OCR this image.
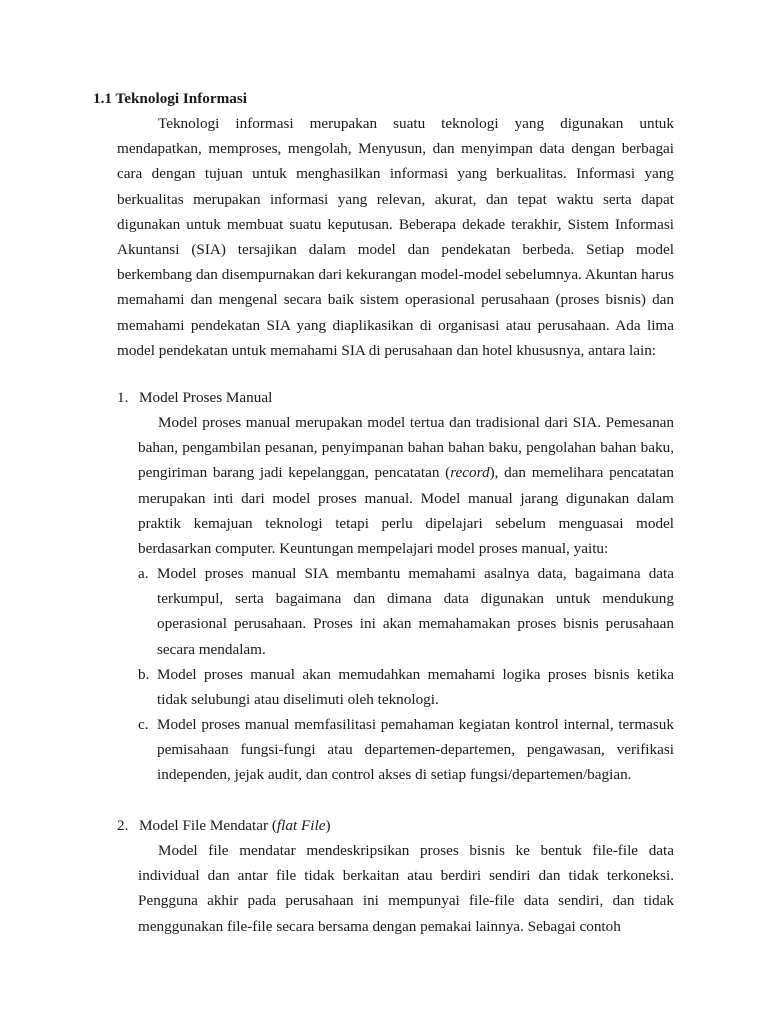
1.1 Teknologi Informasi

Teknologi informasi merupakan suatu teknologi yang digunakan untuk mendapatkan, memproses, mengolah, Menyusun, dan menyimpan data dengan berbagai cara dengan tujuan untuk menghasilkan informasi yang berkualitas. Informasi yang berkualitas merupakan informasi yang relevan, akurat, dan tepat waktu serta dapat digunakan untuk membuat suatu keputusan. Beberapa dekade terakhir, Sistem Informasi Akuntansi (SIA) tersajikan dalam model dan pendekatan berbeda. Setiap model berkembang dan disempurnakan dari kekurangan model-model sebelumnya. Akuntan harus memahami dan mengenal secara baik sistem operasional perusahaan (proses bisnis) dan memahami pendekatan SIA yang diaplikasikan di organisasi atau perusahaan. Ada lima model pendekatan untuk memahami SIA di perusahaan dan hotel khususnya, antara lain:

1. Model Proses Manual

Model proses manual merupakan model tertua dan tradisional dari SIA. Pemesanan bahan, pengambilan pesanan, penyimpanan bahan bahan baku, pengolahan bahan baku, pengiriman barang jadi kepelanggan, pencatatan (record), dan memelihara pencatatan merupakan inti dari model proses manual. Model manual jarang digunakan dalam praktik kemajuan teknologi tetapi perlu dipelajari sebelum menguasai model berdasarkan computer. Keuntungan mempelajari model proses manual, yaitu:

a. Model proses manual SIA membantu memahami asalnya data, bagaimana data terkumpul, serta bagaimana dan dimana data digunakan untuk mendukung operasional perusahaan. Proses ini akan memahamakan proses bisnis perusahaan secara mendalam.

b. Model proses manual akan memudahkan memahami logika proses bisnis ketika tidak selubungi atau diselimuti oleh teknologi.

c. Model proses manual memfasilitasi pemahaman kegiatan kontrol internal, termasuk pemisahaan fungsi-fungi atau departemen-departemen, pengawasan, verifikasi independen, jejak audit, dan control akses di setiap fungsi/departemen/bagian.

2. Model File Mendatar (flat File)

Model file mendatar mendeskripsikan proses bisnis ke bentuk file-file data individual dan antar file tidak berkaitan atau berdiri sendiri dan tidak terkoneksi. Pengguna akhir pada perusahaan ini mempunyai file-file data sendiri, dan tidak menggunakan file-file secara bersama dengan pemakai lainnya. Sebagai contoh
